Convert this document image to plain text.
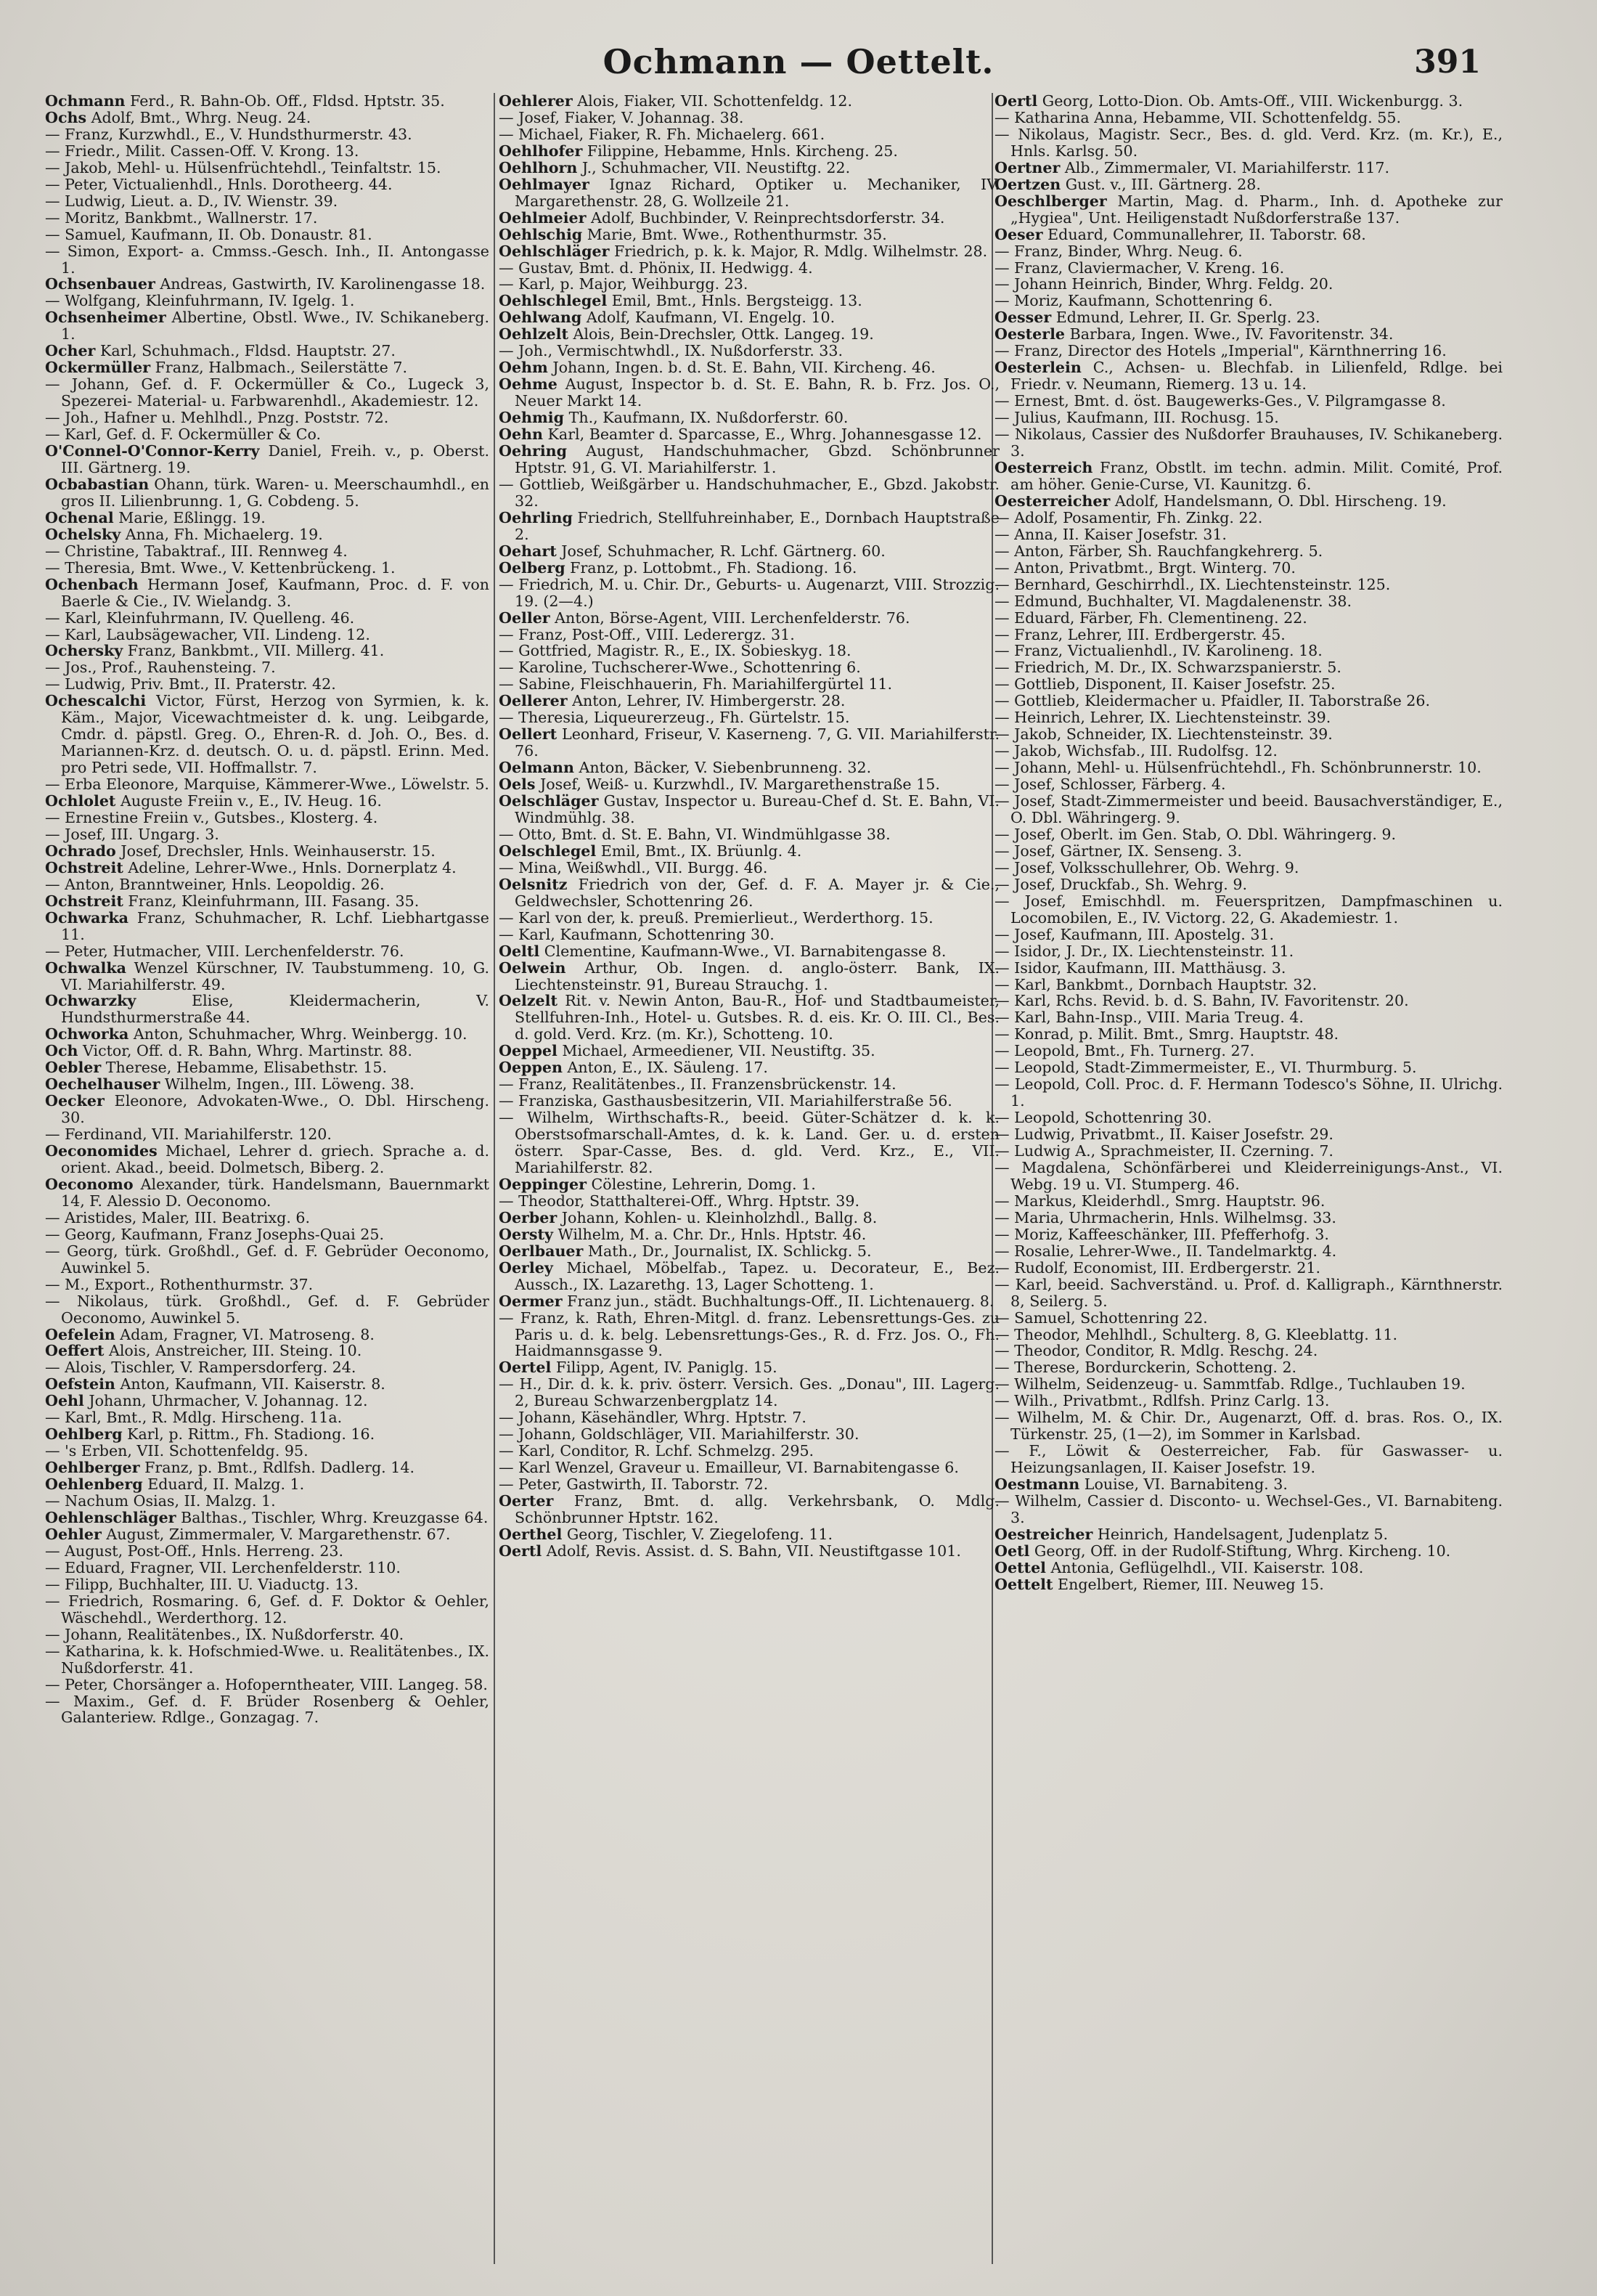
Ochmann — Oettelt.	391
Ochmann Ferd., R. Bahn-Ob. Off., Fldsd. Hptstr. 35.
Ochs Adolf, Bmt., Whrg. Neug. 24.
— Franz, Kurzwhdl., E., V. Hundsthurmerstr. 43.
— Friedr., Milit. Cassen-Off. V. Krong. 13.
— Jakob, Mehl- u. Hülsenfrüchtehdl., Teinfaltstr. 15.
— Peter, Victualienhdl., Hnls. Dorotheerg. 44.
— Ludwig, Lieut. a. D., IV. Wienstr. 39.
— Moritz, Bankbmt., Wallnerstr. 17.
— Samuel, Kaufmann, II. Ob. Donaustr. 81.
— Simon, Export- a. Cmmss.-Gesch. Inh., II. Antongasse 1.
Ochsenbauer Andreas, Gastwirth, IV. Karolinengasse 18.
— Wolfgang, Kleinfuhrmann, IV. Igelg. 1.
Ochsenheimer Albertine, Obstl. Wwe., IV. Schikaneberg. 1.
Ocher Karl, Schuhmach., Fldsd. Hauptstr. 27.
Ockermüller Franz, Halbmach., Seilerstätte 7.
— Johann, Gef. d. F. Ockermüller & Co., Lugeck 3, Spezerei- Material- u. Farbwarenhdl., Akademiestr. 12.
— Joh., Hafner u. Mehlhdl., Pnzg. Poststr. 72.
— Karl, Gef. d. F. Ockermüller & Co.
O'Connel-O'Connor-Kerry Daniel, Freih. v., p. Oberst. III. Gärtnerg. 19.
Ocbabastian Ohann, türk. Waren- u. Meerschaumhdl., en gros II. Lilienbrunng. 1, G. Cobdeng. 5.
Ochenal Marie, Eßlingg. 19.
Ochelsky Anna, Fh. Michaelerg. 19.
— Christine, Tabaktraf., III. Rennweg 4.
— Theresia, Bmt. Wwe., V. Kettenbrückeng. 1.
Ochenbach Hermann Josef, Kaufmann, Proc. d. F. von Baerle & Cie., IV. Wielandg. 3.
— Karl, Kleinfuhrmann, IV. Quelleng. 46.
— Karl, Laubsägewacher, VII. Lindeng. 12.
Ochersky Franz, Bankbmt., VII. Millerg. 41.
— Jos., Prof., Rauhensteing. 7.
— Ludwig, Priv. Bmt., II. Praterstr. 42.
Ochescalchi Victor, Fürst, Herzog von Syrmien, k. k. Käm., Major, Vicewachtmeister d. k. ung. Leibgarde, Cmdr. d. päpstl. Greg. O., Ehren-R. d. Joh. O., Bes. d. Mariannen-Krz. d. deutsch. O. u. d. päpstl. Erinn. Med. pro Petri sede, VII. Hoffmallstr. 7.
— Erba Eleonore, Marquise, Kämmerer-Wwe., Löwelstr. 5.
Ochlolet Auguste Freiin v., E., IV. Heug. 16.
— Ernestine Freiin v., Gutsbes., Klosterg. 4.
— Josef, III. Ungarg. 3.
Ochrado Josef, Drechsler, Hnls. Weinhauserstr. 15.
Ochstreit Adeline, Lehrer-Wwe., Hnls. Dornerplatz 4.
— Anton, Branntweiner, Hnls. Leopoldig. 26.
Ochstreit Franz, Kleinfuhrmann, III. Fasang. 35.
Ochwarka Franz, Schuhmacher, R. Lchf. Liebhartgasse 11.
— Peter, Hutmacher, VIII. Lerchenfelderstr. 76.
Ochwalka Wenzel Kürschner, IV. Taubstummeng. 10, G. VI. Mariahilferstr. 49.
Ochwarzky Elise, Kleidermacherin, V. Hundsthurmerstraße 44.
Ochworka Anton, Schuhmacher, Whrg. Weinbergg. 10.
Och Victor, Off. d. R. Bahn, Whrg. Martinstr. 88.
Oebler Therese, Hebamme, Elisabethstr. 15.
Oechelhauser Wilhelm, Ingen., III. Löweng. 38.
Oecker Eleonore, Advokaten-Wwe., O. Dbl. Hirscheng. 30.
— Ferdinand, VII. Mariahilferstr. 120.
Oeconomides Michael, Lehrer d. griech. Sprache a. d. orient. Akad., beeid. Dolmetsch, Biberg. 2.
Oeconomo Alexander, türk. Handelsmann, Bauernmarkt 14, F. Alessio D. Oeconomo.
— Aristides, Maler, III. Beatrixg. 6.
— Georg, Kaufmann, Franz Josephs-Quai 25.
— Georg, türk. Großhdl., Gef. d. F. Gebrüder Oeconomo, Auwinkel 5.
— M., Export., Rothenthurmstr. 37.
— Nikolaus, türk. Großhdl., Gef. d. F. Gebrüder Oeconomo, Auwinkel 5.
Oefelein Adam, Fragner, VI. Matroseng. 8.
Oeffert Alois, Anstreicher, III. Steing. 10.
— Alois, Tischler, V. Rampersdorferg. 24.
Oefstein Anton, Kaufmann, VII. Kaiserstr. 8.
Oehl Johann, Uhrmacher, V. Johannag. 12.
— Karl, Bmt., R. Mdlg. Hirscheng. 11a.
Oehlberg Karl, p. Rittm., Fh. Stadiong. 16.
— 's Erben, VII. Schottenfeldg. 95.
Oehlberger Franz, p. Bmt., Rdlfsh. Dadlerg. 14.
Oehlenberg Eduard, II. Malzg. 1.
— Nachum Osias, II. Malzg. 1.
Oehlenschläger Balthas., Tischler, Whrg. Kreuzgasse 64.
Oehler August, Zimmermaler, V. Margarethenstr. 67.
— August, Post-Off., Hnls. Herreng. 23.
— Eduard, Fragner, VII. Lerchenfelderstr. 110.
— Filipp, Buchhalter, III. U. Viaductg. 13.
— Friedrich, Rosmaring. 6, Gef. d. F. Doktor & Oehler, Wäschehdl., Werderthorg. 12.
— Johann, Realitätenbes., IX. Nußdorferstr. 40.
— Katharina, k. k. Hofschmied-Wwe. u. Realitätenbes., IX. Nußdorferstr. 41.
— Peter, Chorsänger a. Hofoperntheater, VIII. Langeg. 58.
— Maxim., Gef. d. F. Brüder Rosenberg & Oehler, Galanteriew. Rdlge., Gonzagag. 7.
Oehlerer Alois, Fiaker, VII. Schottenfeldg. 12.
— Josef, Fiaker, V. Johannag. 38.
— Michael, Fiaker, R. Fh. Michaelerg. 661.
Oehlhofer Filippine, Hebamme, Hnls. Kircheng. 25.
Oehlhorn J., Schuhmacher, VII. Neustiftg. 22.
Oehlmayer Ignaz Richard, Optiker u. Mechaniker, IV. Margarethenstr. 28, G. Wollzeile 21.
Oehlmeier Adolf, Buchbinder, V. Reinprechtsdorferstr. 34.
Oehlschig Marie, Bmt. Wwe., Rothenthurmstr. 35.
Oehlschläger Friedrich, p. k. k. Major, R. Mdlg. Wilhelmstr. 28.
— Gustav, Bmt. d. Phönix, II. Hedwigg. 4.
— Karl, p. Major, Weihburgg. 23.
Oehlschlegel Emil, Bmt., Hnls. Bergsteigg. 13.
Oehlwang Adolf, Kaufmann, VI. Engelg. 10.
Oehlzelt Alois, Bein-Drechsler, Ottk. Langeg. 19.
— Joh., Vermischtwhdl., IX. Nußdorferstr. 33.
Oehm Johann, Ingen. b. d. St. E. Bahn, VII. Kircheng. 46.
Oehme August, Inspector b. d. St. E. Bahn, R. b. Frz. Jos. O., Neuer Markt 14.
Oehmig Th., Kaufmann, IX. Nußdorferstr. 60.
Oehn Karl, Beamter d. Sparcasse, E., Whrg. Johannesgasse 12.
Oehring August, Handschuhmacher, Gbzd. Schönbrunner Hptstr. 91, G. VI. Mariahilferstr. 1.
— Gottlieb, Weißgärber u. Handschuhmacher, E., Gbzd. Jakobstr. 32.
Oehrling Friedrich, Stellfuhreinhaber, E., Dornbach Hauptstraße 2.
Oehart Josef, Schuhmacher, R. Lchf. Gärtnerg. 60.
Oelberg Franz, p. Lottobmt., Fh. Stadiong. 16.
— Friedrich, M. u. Chir. Dr., Geburts- u. Augenarzt, VIII. Strozzig. 19. (2—4.)
Oeller Anton, Börse-Agent, VIII. Lerchenfelderstr. 76.
— Franz, Post-Off., VIII. Lederergz. 31.
— Gottfried, Magistr. R., E., IX. Sobieskyg. 18.
— Karoline, Tuchscherer-Wwe., Schottenring 6.
— Sabine, Fleischhauerin, Fh. Mariahilfergürtel 11.
Oellerer Anton, Lehrer, IV. Himbergerstr. 28.
— Theresia, Liqueurerzeug., Fh. Gürtelstr. 15.
Oellert Leonhard, Friseur, V. Kaserneng. 7, G. VII. Mariahilferstr. 76.
Oelmann Anton, Bäcker, V. Siebenbrunneng. 32.
Oels Josef, Weiß- u. Kurzwhdl., IV. Margarethenstraße 15.
Oelschläger Gustav, Inspector u. Bureau-Chef d. St. E. Bahn, VI. Windmühlg. 38.
— Otto, Bmt. d. St. E. Bahn, VI. Windmühlgasse 38.
Oelschlegel Emil, Bmt., IX. Brüunlg. 4.
— Mina, Weißwhdl., VII. Burgg. 46.
Oelsnitz Friedrich von der, Gef. d. F. A. Mayer jr. & Cie., Geldwechsler, Schottenring 26.
— Karl von der, k. preuß. Premierlieut., Werderthorg. 15.
— Karl, Kaufmann, Schottenring 30.
Oeltl Clementine, Kaufmann-Wwe., VI. Barnabitengasse 8.
Oelwein Arthur, Ob. Ingen. d. anglo-österr. Bank, IX. Liechtensteinstr. 91, Bureau Strauchg. 1.
Oelzelt Rit. v. Newin Anton, Bau-R., Hof- und Stadtbaumeister, Stellfuhren-Inh., Hotel- u. Gutsbes. R. d. eis. Kr. O. III. Cl., Bes. d. gold. Verd. Krz. (m. Kr.), Schotteng. 10.
Oeppel Michael, Armeediener, VII. Neustiftg. 35.
Oeppen Anton, E., IX. Säuleng. 17.
— Franz, Realitätenbes., II. Franzensbrückenstr. 14.
— Franziska, Gasthausbesitzerin, VII. Mariahilferstraße 56.
— Wilhelm, Wirthschafts-R., beeid. Güter-Schätzer d. k. k. Oberstsofmarschall-Amtes, d. k. k. Land. Ger. u. d. ersten österr. Spar-Casse, Bes. d. gld. Verd. Krz., E., VII. Mariahilferstr. 82.
Oeppinger Cölestine, Lehrerin, Domg. 1.
— Theodor, Statthalterei-Off., Whrg. Hptstr. 39.
Oerber Johann, Kohlen- u. Kleinholzhdl., Ballg. 8.
Oersty Wilhelm, M. a. Chr. Dr., Hnls. Hptstr. 46.
Oerlbauer Math., Dr., Journalist, IX. Schlickg. 5.
Oerley Michael, Möbelfab., Tapez. u. Decorateur, E., Bez. Aussch., IX. Lazarethg. 13, Lager Schotteng. 1.
Oermer Franz jun., städt. Buchhaltungs-Off., II. Lichtenauerg. 8.
— Franz, k. Rath, Ehren-Mitgl. d. franz. Lebensrettungs-Ges. zu Paris u. d. k. belg. Lebensrettungs-Ges., R. d. Frz. Jos. O., Fh. Haidmannsgasse 9.
Oertel Filipp, Agent, IV. Paniglg. 15.
— H., Dir. d. k. k. priv. österr. Versich. Ges. „Donau", III. Lagerg. 2, Bureau Schwarzenbergplatz 14.
— Johann, Käsehändler, Whrg. Hptstr. 7.
— Johann, Goldschläger, VII. Mariahilferstr. 30.
— Karl, Conditor, R. Lchf. Schmelzg. 295.
— Karl Wenzel, Graveur u. Emailleur, VI. Barnabitengasse 6.
— Peter, Gastwirth, II. Taborstr. 72.
Oerter Franz, Bmt. d. allg. Verkehrsbank, O. Mdlg. Schönbrunner Hptstr. 162.
Oerthel Georg, Tischler, V. Ziegelofeng. 11.
Oertl Adolf, Revis. Assist. d. S. Bahn, VII. Neustiftgasse 101.
Oertl Georg, Lotto-Dion. Ob. Amts-Off., VIII. Wickenburgg. 3.
— Katharina Anna, Hebamme, VII. Schottenfeldg. 55.
— Nikolaus, Magistr. Secr., Bes. d. gld. Verd. Krz. (m. Kr.), E., Hnls. Karlsg. 50.
Oertner Alb., Zimmermaler, VI. Mariahilferstr. 117.
Oertzen Gust. v., III. Gärtnerg. 28.
Oeschlberger Martin, Mag. d. Pharm., Inh. d. Apotheke zur „Hygiea", Unt. Heiligenstadt Nußdorferstraße 137.
Oeser Eduard, Communallehrer, II. Taborstr. 68.
— Franz, Binder, Whrg. Neug. 6.
— Franz, Claviermacher, V. Kreng. 16.
— Johann Heinrich, Binder, Whrg. Feldg. 20.
— Moriz, Kaufmann, Schottenring 6.
Oesser Edmund, Lehrer, II. Gr. Sperlg. 23.
Oesterle Barbara, Ingen. Wwe., IV. Favoritenstr. 34.
— Franz, Director des Hotels „Imperial", Kärnthnerring 16.
Oesterlein C., Achsen- u. Blechfab. in Lilienfeld, Rdlge. bei Friedr. v. Neumann, Riemerg. 13 u. 14.
— Ernest, Bmt. d. öst. Baugewerks-Ges., V. Pilgramgasse 8.
— Julius, Kaufmann, III. Rochusg. 15.
— Nikolaus, Cassier des Nußdorfer Brauhauses, IV. Schikaneberg. 3.
Oesterreich Franz, Obstlt. im techn. admin. Milit. Comité, Prof. am höher. Genie-Curse, VI. Kaunitzg. 6.
Oesterreicher Adolf, Handelsmann, O. Dbl. Hirscheng. 19.
— Adolf, Posamentir, Fh. Zinkg. 22.
— Anna, II. Kaiser Josefstr. 31.
— Anton, Färber, Sh. Rauchfangkehrerg. 5.
— Anton, Privatbmt., Brgt. Winterg. 70.
— Bernhard, Geschirrhdl., IX. Liechtensteinstr. 125.
— Edmund, Buchhalter, VI. Magdalenenstr. 38.
— Eduard, Färber, Fh. Clementineng. 22.
— Franz, Lehrer, III. Erdbergerstr. 45.
— Franz, Victualienhdl., IV. Karolineng. 18.
— Friedrich, M. Dr., IX. Schwarzspanierstr. 5.
— Gottlieb, Disponent, II. Kaiser Josefstr. 25.
— Gottlieb, Kleidermacher u. Pfaidler, II. Taborstraße 26.
— Heinrich, Lehrer, IX. Liechtensteinstr. 39.
— Jakob, Schneider, IX. Liechtensteinstr. 39.
— Jakob, Wichsfab., III. Rudolfsg. 12.
— Johann, Mehl- u. Hülsenfrüchtehdl., Fh. Schönbrunnerstr. 10.
— Josef, Schlosser, Färberg. 4.
— Josef, Stadt-Zimmermeister und beeid. Bausachverständiger, E., O. Dbl. Währingerg. 9.
— Josef, Oberlt. im Gen. Stab, O. Dbl. Währingerg. 9.
— Josef, Gärtner, IX. Senseng. 3.
— Josef, Volksschullehrer, Ob. Wehrg. 9.
— Josef, Druckfab., Sh. Wehrg. 9.
— Josef, Emischhdl. m. Feuerspritzen, Dampfmaschinen u. Locomobilen, E., IV. Victorg. 22, G. Akademiestr. 1.
— Josef, Kaufmann, III. Apostelg. 31.
— Isidor, J. Dr., IX. Liechtensteinstr. 11.
— Isidor, Kaufmann, III. Matthäusg. 3.
— Karl, Bankbmt., Dornbach Hauptstr. 32.
— Karl, Rchs. Revid. b. d. S. Bahn, IV. Favoritenstr. 20.
— Karl, Bahn-Insp., VIII. Maria Treug. 4.
— Konrad, p. Milit. Bmt., Smrg. Hauptstr. 48.
— Leopold, Bmt., Fh. Turnerg. 27.
— Leopold, Stadt-Zimmermeister, E., VI. Thurmburg. 5.
— Leopold, Coll. Proc. d. F. Hermann Todesco's Söhne, II. Ulrichg. 1.
— Leopold, Schottenring 30.
— Ludwig, Privatbmt., II. Kaiser Josefstr. 29.
— Ludwig A., Sprachmeister, II. Czerning. 7.
— Magdalena, Schönfärberei und Kleiderreinigungs-Anst., VI. Webg. 19 u. VI. Stumperg. 46.
— Markus, Kleiderhdl., Smrg. Hauptstr. 96.
— Maria, Uhrmacherin, Hnls. Wilhelmsg. 33.
— Moriz, Kaffeeschänker, III. Pfefferhofg. 3.
— Rosalie, Lehrer-Wwe., II. Tandelmarktg. 4.
— Rudolf, Economist, III. Erdbergerstr. 21.
— Karl, beeid. Sachverständ. u. Prof. d. Kalligraph., Kärnthnerstr. 8, Seilerg. 5.
— Samuel, Schottenring 22.
— Theodor, Mehlhdl., Schulterg. 8, G. Kleeblattg. 11.
— Theodor, Conditor, R. Mdlg. Reschg. 24.
— Therese, Bordurckerin, Schotteng. 2.
— Wilhelm, Seidenzeug- u. Sammtfab. Rdlge., Tuchlauben 19.
— Wilh., Privatbmt., Rdlfsh. Prinz Carlg. 13.
— Wilhelm, M. & Chir. Dr., Augenarzt, Off. d. bras. Ros. O., IX. Türkenstr. 25, (1—2), im Sommer in Karlsbad.
— F., Löwit & Oesterreicher, Fab. für Gaswasser- u. Heizungsanlagen, II. Kaiser Josefstr. 19.
Oestmann Louise, VI. Barnabiteng. 3.
— Wilhelm, Cassier d. Disconto- u. Wechsel-Ges., VI. Barnabiteng. 3.
Oestreicher Heinrich, Handelsagent, Judenplatz 5.
Oetl Georg, Off. in der Rudolf-Stiftung, Whrg. Kircheng. 10.
Oettel Antonia, Geflügelhdl., VII. Kaiserstr. 108.
Oettelt Engelbert, Riemer, III. Neuweg 15.
